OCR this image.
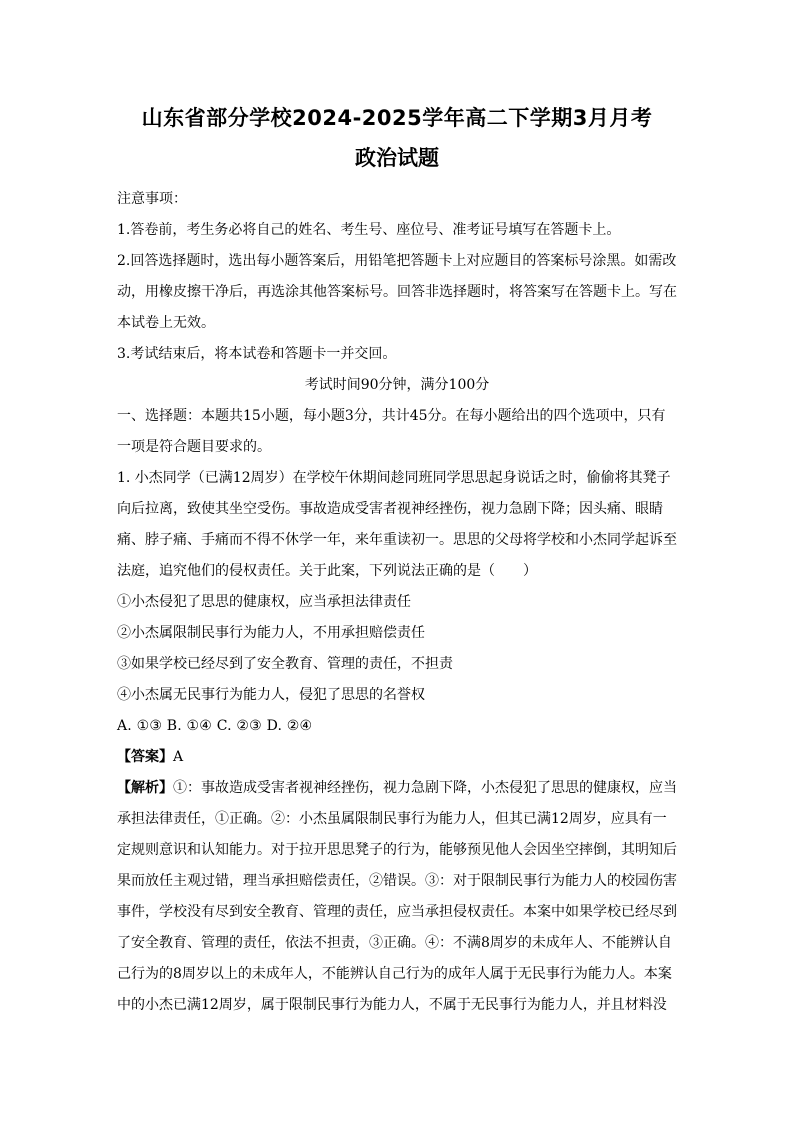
山东省部分学校2024-2025学年高二下学期3月月考
政治试题

注意事项：

1.答卷前，考生务必将自己的姓名、考生号、座位号、准考证号填写在答题卡上。

2.回答选择题时，选出每小题答案后，用铅笔把答题卡上对应题目的答案标号涂黑。如需改动，用橡皮擦干净后，再选涂其他答案标号。回答非选择题时，将答案写在答题卡上。写在本试卷上无效。

3.考试结束后，将本试卷和答题卡一并交回。

考试时间90分钟，满分100分

一、选择题：本题共15小题，每小题3分，共计45分。在每小题给出的四个选项中，只有一项是符合题目要求的。

1. 小杰同学（已满12周岁）在学校午休期间趁同班同学思思起身说话之时，偷偷将其凳子向后拉离，致使其坐空受伤。事故造成受害者视神经挫伤，视力急剧下降；因头痛、眼睛痛、脖子痛、手痛而不得不休学一年，来年重读初一。思思的父母将学校和小杰同学起诉至法庭，追究他们的侵权责任。关于此案，下列说法正确的是（　　）

①小杰侵犯了思思的健康权，应当承担法律责任

②小杰属限制民事行为能力人，不用承担赔偿责任

③如果学校已经尽到了安全教育、管理的责任，不担责

④小杰属无民事行为能力人，侵犯了思思的名誉权

A. ①③ B. ①④ C. ②③ D. ②④

【答案】A

【解析】①：事故造成受害者视神经挫伤，视力急剧下降，小杰侵犯了思思的健康权，应当承担法律责任，①正确。②：小杰虽属限制民事行为能力人，但其已满12周岁，应具有一定规则意识和认知能力。对于拉开思思凳子的行为，能够预见他人会因坐空摔倒，其明知后果而放任主观过错，理当承担赔偿责任，②错误。③：对于限制民事行为能力人的校园伤害事件，学校没有尽到安全教育、管理的责任，应当承担侵权责任。本案中如果学校已经尽到了安全教育、管理的责任，依法不担责，③正确。④：不满8周岁的未成年人、不能辨认自己行为的8周岁以上的未成年人，不能辨认自己行为的成年人属于无民事行为能力人。本案中的小杰已满12周岁，属于限制民事行为能力人，不属于无民事行为能力人，并且材料没
